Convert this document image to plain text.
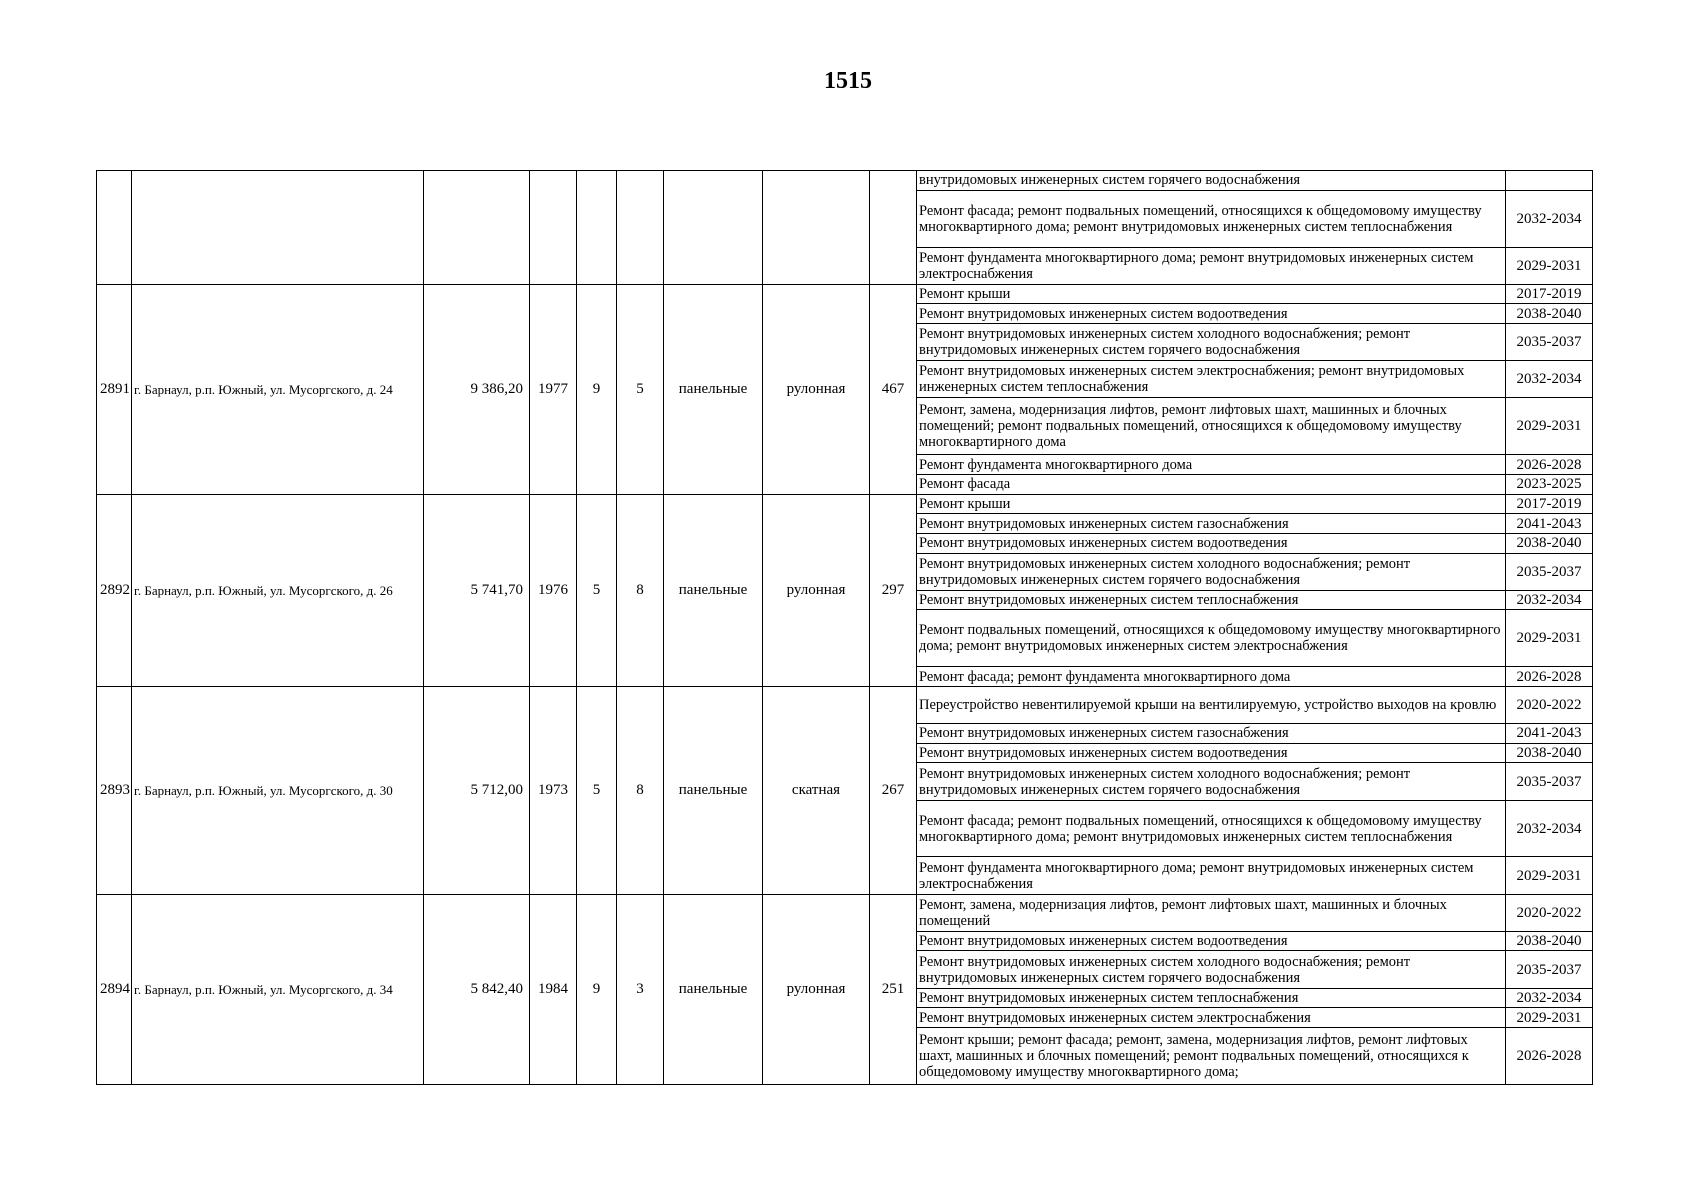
1515
									внутридомовых инженерных систем горячего водоснабжения	
									Ремонт фасада; ремонт подвальных помещений, относящихся к общедомовому имуществу многоквартирного дома; ремонт внутридомовых инженерных систем теплоснабжения	2032-2034
									Ремонт фундамента многоквартирного дома; ремонт внутридомовых инженерных систем электроснабжения	2029-2031
2891	г. Барнаул, р.п. Южный, ул. Мусоргского, д. 24	9 386,20	1977	9	5	панельные	рулонная	467	Ремонт крыши	2017-2019
									Ремонт внутридомовых инженерных систем водоотведения	2038-2040
									Ремонт внутридомовых инженерных систем холодного водоснабжения; ремонт внутридомовых инженерных систем горячего водоснабжения	2035-2037
									Ремонт внутридомовых инженерных систем электроснабжения; ремонт внутридомовых инженерных систем теплоснабжения	2032-2034
									Ремонт, замена, модернизация лифтов, ремонт лифтовых шахт, машинных и блочных помещений; ремонт подвальных помещений, относящихся к общедомовому имуществу многоквартирного дома	2029-2031
									Ремонт фундамента многоквартирного дома	2026-2028
									Ремонт фасада	2023-2025
2892	г. Барнаул, р.п. Южный, ул. Мусоргского, д. 26	5 741,70	1976	5	8	панельные	рулонная	297	Ремонт крыши	2017-2019
									Ремонт внутридомовых инженерных систем газоснабжения	2041-2043
									Ремонт внутридомовых инженерных систем водоотведения	2038-2040
									Ремонт внутридомовых инженерных систем холодного водоснабжения; ремонт внутридомовых инженерных систем горячего водоснабжения	2035-2037
									Ремонт внутридомовых инженерных систем теплоснабжения	2032-2034
									Ремонт подвальных помещений, относящихся к общедомовому имуществу многоквартирного дома; ремонт внутридомовых инженерных систем электроснабжения	2029-2031
									Ремонт фасада; ремонт фундамента многоквартирного дома	2026-2028
2893	г. Барнаул, р.п. Южный, ул. Мусоргского, д. 30	5 712,00	1973	5	8	панельные	скатная	267	Переустройство невентилируемой крыши на вентилируемую, устройство выходов на кровлю	2020-2022
									Ремонт внутридомовых инженерных систем газоснабжения	2041-2043
									Ремонт внутридомовых инженерных систем водоотведения	2038-2040
									Ремонт внутридомовых инженерных систем холодного водоснабжения; ремонт внутридомовых инженерных систем горячего водоснабжения	2035-2037
									Ремонт фасада; ремонт подвальных помещений, относящихся к общедомовому имуществу многоквартирного дома; ремонт внутридомовых инженерных систем теплоснабжения	2032-2034
									Ремонт фундамента многоквартирного дома; ремонт внутридомовых инженерных систем электроснабжения	2029-2031
2894	г. Барнаул, р.п. Южный, ул. Мусоргского, д. 34	5 842,40	1984	9	3	панельные	рулонная	251	Ремонт, замена, модернизация лифтов, ремонт лифтовых шахт, машинных и блочных помещений	2020-2022
									Ремонт внутридомовых инженерных систем водоотведения	2038-2040
									Ремонт внутридомовых инженерных систем холодного водоснабжения; ремонт внутридомовых инженерных систем горячего водоснабжения	2035-2037
									Ремонт внутридомовых инженерных систем теплоснабжения	2032-2034
									Ремонт внутридомовых инженерных систем электроснабжения	2029-2031
									Ремонт крыши; ремонт фасада; ремонт, замена, модернизация лифтов, ремонт лифтовых шахт, машинных и блочных помещений; ремонт подвальных помещений, относящихся к общедомовому имуществу многоквартирного дома;	2026-2028
